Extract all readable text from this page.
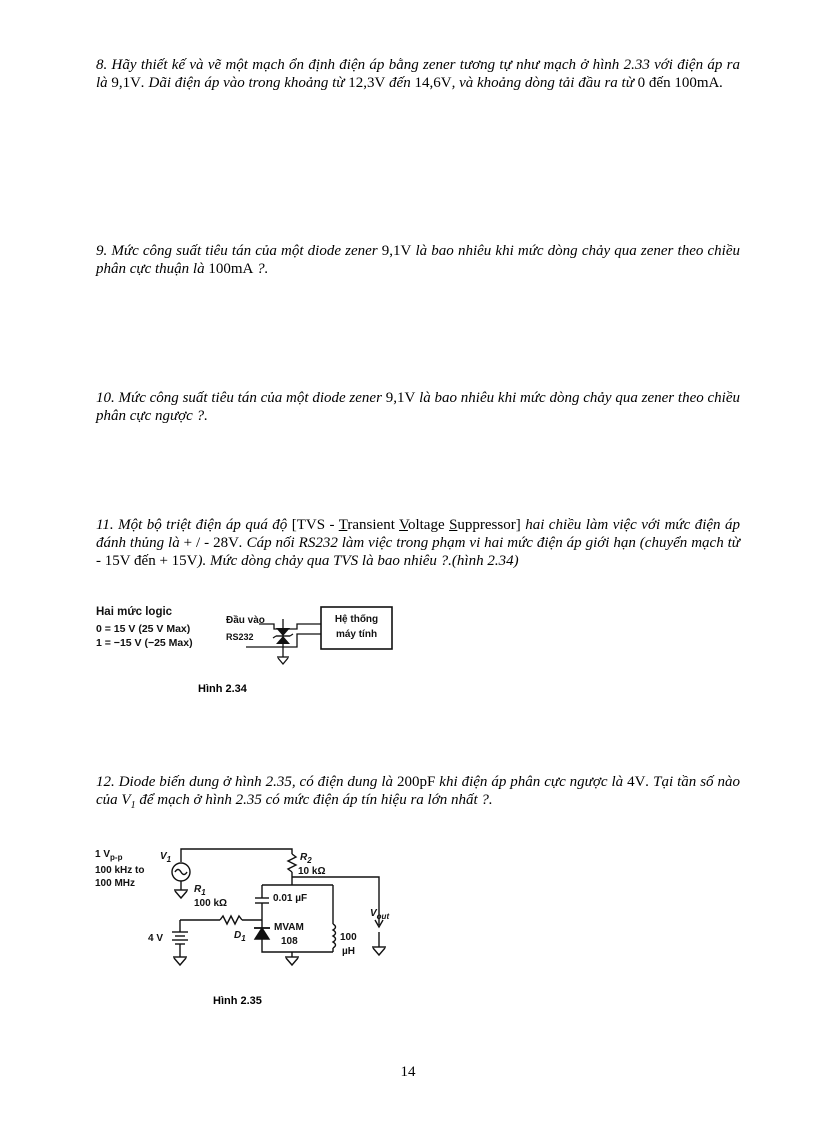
8. Hãy thiết kế và vẽ một mạch ổn định điện áp bằng zener tương tự như mạch ở hình 2.33 với điện áp ra là 9,1V. Dãi điện áp vào trong khoảng từ 12,3V đến 14,6V, và khoảng dòng tải đầu ra từ 0 đến 100mA.
9. Mức công suất tiêu tán của một diode zener 9,1V là bao nhiêu khi mức dòng chảy qua zener theo chiều phân cực thuận là 100mA ?.
10. Mức công suất tiêu tán của một diode zener 9,1V là bao nhiêu khi mức dòng chảy qua zener theo chiều phân cực ngược ?.
11. Một bộ triệt điện áp quá độ [TVS - Transient Voltage Suppressor] hai chiều làm việc với mức điện áp đánh thủng là + / - 28V. Cáp nối RS232 làm việc trong phạm vi hai mức điện áp giới hạn (chuyển mạch từ - 15V đến + 15V). Mức dòng chảy qua TVS là bao nhiêu ?.(hình 2.34)
Hai mức logic
0 = 15 V (25 V Max)
1 = −15 V (−25 Max)
Đầu vào
RS232
Hệ thống
máy tính
Hình 2.34
12. Diode biến dung ở hình 2.35, có điện dung là 200pF khi điện áp phân cực ngược là 4V. Tại tần số nào của $V_1$ để mạch ở hình 2.35 có mức điện áp tín hiệu ra lớn nhất ?.
1 $V_{p-p}$
100 kHz to
100 MHz
$V_1$	$R_2$
10 kΩ
$R_1$
100 kΩ	0.01 µF
4 V	$D_1$
MVAM
108	100
µH
$V_{out}$
Hình 2.35
14
